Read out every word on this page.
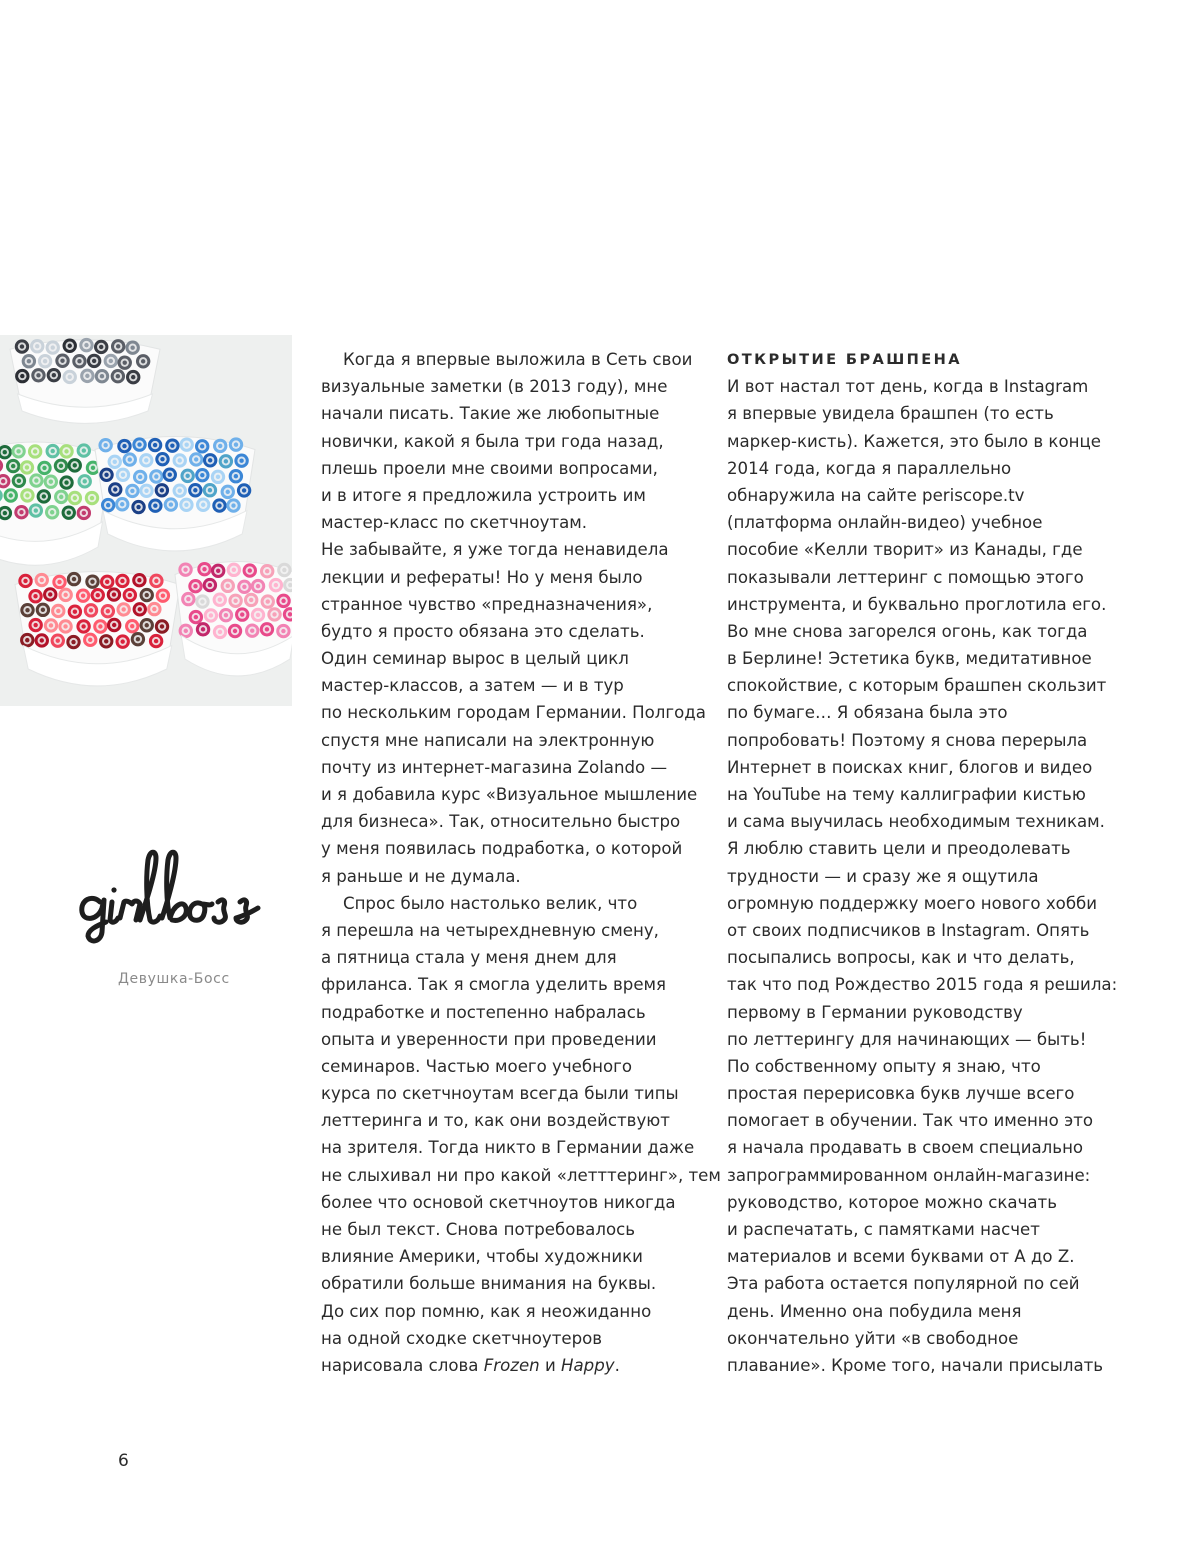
Девушка-Босс
Когда я впервые выложила в Сеть свои
визуальные заметки (в 2013 году), мне
начали писать. Такие же любопытные
новички, какой я была три года назад,
плешь проели мне своими вопросами,
и в итоге я предложила устроить им
мастер-класс по скетчноутам.
Не забывайте, я уже тогда ненавидела
лекции и рефераты! Но у меня было
странное чувство «предназначения»,
будто я просто обязана это сделать.
Один семинар вырос в целый цикл
мастер-классов, а затем — и в тур
по нескольким городам Германии. Полгода
спустя мне написали на электронную
почту из интернет-магазина Zolando —
и я добавила курс «Визуальное мышление
для бизнеса». Так, относительно быстро
у меня появилась подработка, о которой
я раньше и не думала.
Спрос было настолько велик, что
я перешла на четырехдневную смену,
а пятница стала у меня днем для
фриланса. Так я смогла уделить время
подработке и постепенно набралась
опыта и уверенности при проведении
семинаров. Частью моего учебного
курса по скетчноутам всегда были типы
леттеринга и то, как они воздействуют
на зрителя. Тогда никто в Германии даже
не слыхивал ни про какой «летттеринг», тем
более что основой скетчноутов никогда
не был текст. Снова потребовалось
влияние Америки, чтобы художники
обратили больше внимания на буквы.
До сих пор помню, как я неожиданно
на одной сходке скетчноутеров
нарисовала слова Frozen и Happy.
ОТКРЫТИЕ БРАШПЕНА
И вот настал тот день, когда в Instagram
я впервые увидела брашпен (то есть
маркер-кисть). Кажется, это было в конце
2014 года, когда я параллельно
обнаружила на сайте periscope.tv
(платформа онлайн-видео) учебное
пособие «Келли творит» из Канады, где
показывали леттеринг с помощью этого
инструмента, и буквально проглотила его.
Во мне снова загорелся огонь, как тогда
в Берлине! Эстетика букв, медитативное
спокойствие, с которым брашпен скользит
по бумаге… Я обязана была это
попробовать! Поэтому я снова перерыла
Интернет в поисках книг, блогов и видео
на YouTube на тему каллиграфии кистью
и сама выучилась необходимым техникам.
Я люблю ставить цели и преодолевать
трудности — и сразу же я ощутила
огромную поддержку моего нового хобби
от своих подписчиков в Instagram. Опять
посыпались вопросы, как и что делать,
так что под Рождество 2015 года я решила:
первому в Германии руководству
по леттерингу для начинающих — быть!
По собственному опыту я знаю, что
простая перерисовка букв лучше всего
помогает в обучении. Так что именно это
я начала продавать в своем специально
запрограммированном онлайн-магазине:
руководство, которое можно скачать
и распечатать, с памятками насчет
материалов и всеми буквами от A до Z.
Эта работа остается популярной по сей
день. Именно она побудила меня
окончательно уйти «в свободное
плавание». Кроме того, начали присылать
6
